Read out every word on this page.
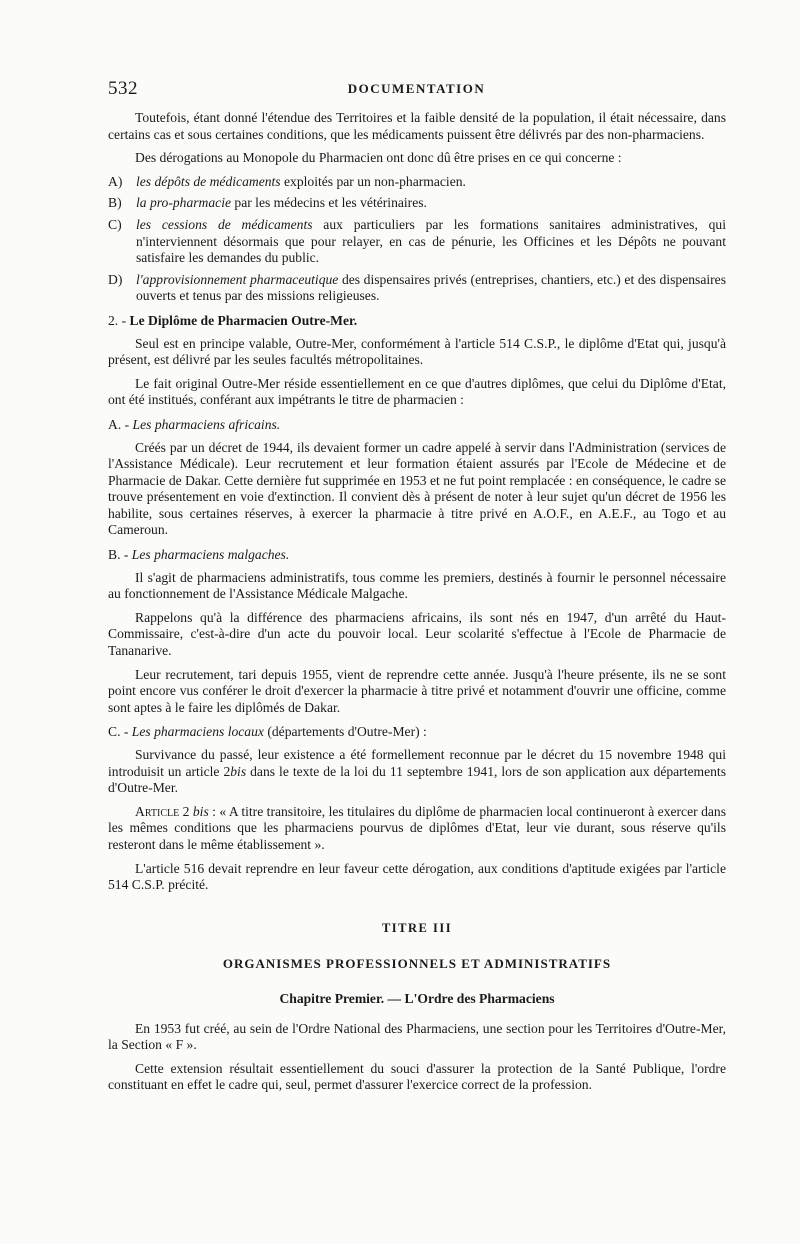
532	DOCUMENTATION

Toutefois, étant donné l'étendue des Territoires et la faible densité de la population, il était nécessaire, dans certains cas et sous certaines conditions, que les médicaments puissent être délivrés par des non-pharmaciens.

Des dérogations au Monopole du Pharmacien ont donc dû être prises en ce qui concerne :

A) les dépôts de médicaments exploités par un non-pharmacien.
B) la pro-pharmacie par les médecins et les vétérinaires.
C) les cessions de médicaments aux particuliers par les formations sanitaires administratives, qui n'interviennent désormais que pour relayer, en cas de pénurie, les Officines et les Dépôts ne pouvant satisfaire les demandes du public.
D) l'approvisionnement pharmaceutique des dispensaires privés (entreprises, chantiers, etc.) et des dispensaires ouverts et tenus par des missions religieuses.

2. - Le Diplôme de Pharmacien Outre-Mer.

Seul est en principe valable, Outre-Mer, conformément à l'article 514 C.S.P., le diplôme d'Etat qui, jusqu'à présent, est délivré par les seules facultés métropolitaines.

Le fait original Outre-Mer réside essentiellement en ce que d'autres diplômes, que celui du Diplôme d'Etat, ont été institués, conférant aux impétrants le titre de pharmacien :

A. - Les pharmaciens africains.

Créés par un décret de 1944, ils devaient former un cadre appelé à servir dans l'Administration (services de l'Assistance Médicale). Leur recrutement et leur formation étaient assurés par l'Ecole de Médecine et de Pharmacie de Dakar. Cette dernière fut supprimée en 1953 et ne fut point remplacée : en conséquence, le cadre se trouve présentement en voie d'extinction. Il convient dès à présent de noter à leur sujet qu'un décret de 1956 les habilite, sous certaines réserves, à exercer la pharmacie à titre privé en A.O.F., en A.E.F., au Togo et au Cameroun.

B. - Les pharmaciens malgaches.

Il s'agit de pharmaciens administratifs, tous comme les premiers, destinés à fournir le personnel nécessaire au fonctionnement de l'Assistance Médicale Malgache.

Rappelons qu'à la différence des pharmaciens africains, ils sont nés en 1947, d'un arrêté du Haut-Commissaire, c'est-à-dire d'un acte du pouvoir local. Leur scolarité s'effectue à l'Ecole de Pharmacie de Tananarive.

Leur recrutement, tari depuis 1955, vient de reprendre cette année. Jusqu'à l'heure présente, ils ne se sont point encore vus conférer le droit d'exercer la pharmacie à titre privé et notamment d'ouvrir une officine, comme sont aptes à le faire les diplômés de Dakar.

C. - Les pharmaciens locaux (départements d'Outre-Mer) :

Survivance du passé, leur existence a été formellement reconnue par le décret du 15 novembre 1948 qui introduisit un article 2bis dans le texte de la loi du 11 septembre 1941, lors de son application aux départements d'Outre-Mer.

Article 2 bis : « A titre transitoire, les titulaires du diplôme de pharmacien local continueront à exercer dans les mêmes conditions que les pharmaciens pourvus de diplômes d'Etat, leur vie durant, sous réserve qu'ils resteront dans le même établissement ».

L'article 516 devait reprendre en leur faveur cette dérogation, aux conditions d'aptitude exigées par l'article 514 C.S.P. précité.

TITRE III
ORGANISMES PROFESSIONNELS ET ADMINISTRATIFS
Chapitre Premier. — L'Ordre des Pharmaciens

En 1953 fut créé, au sein de l'Ordre National des Pharmaciens, une section pour les Territoires d'Outre-Mer, la Section « F ».

Cette extension résultait essentiellement du souci d'assurer la protection de la Santé Publique, l'ordre constituant en effet le cadre qui, seul, permet d'assurer l'exercice correct de la profession.
